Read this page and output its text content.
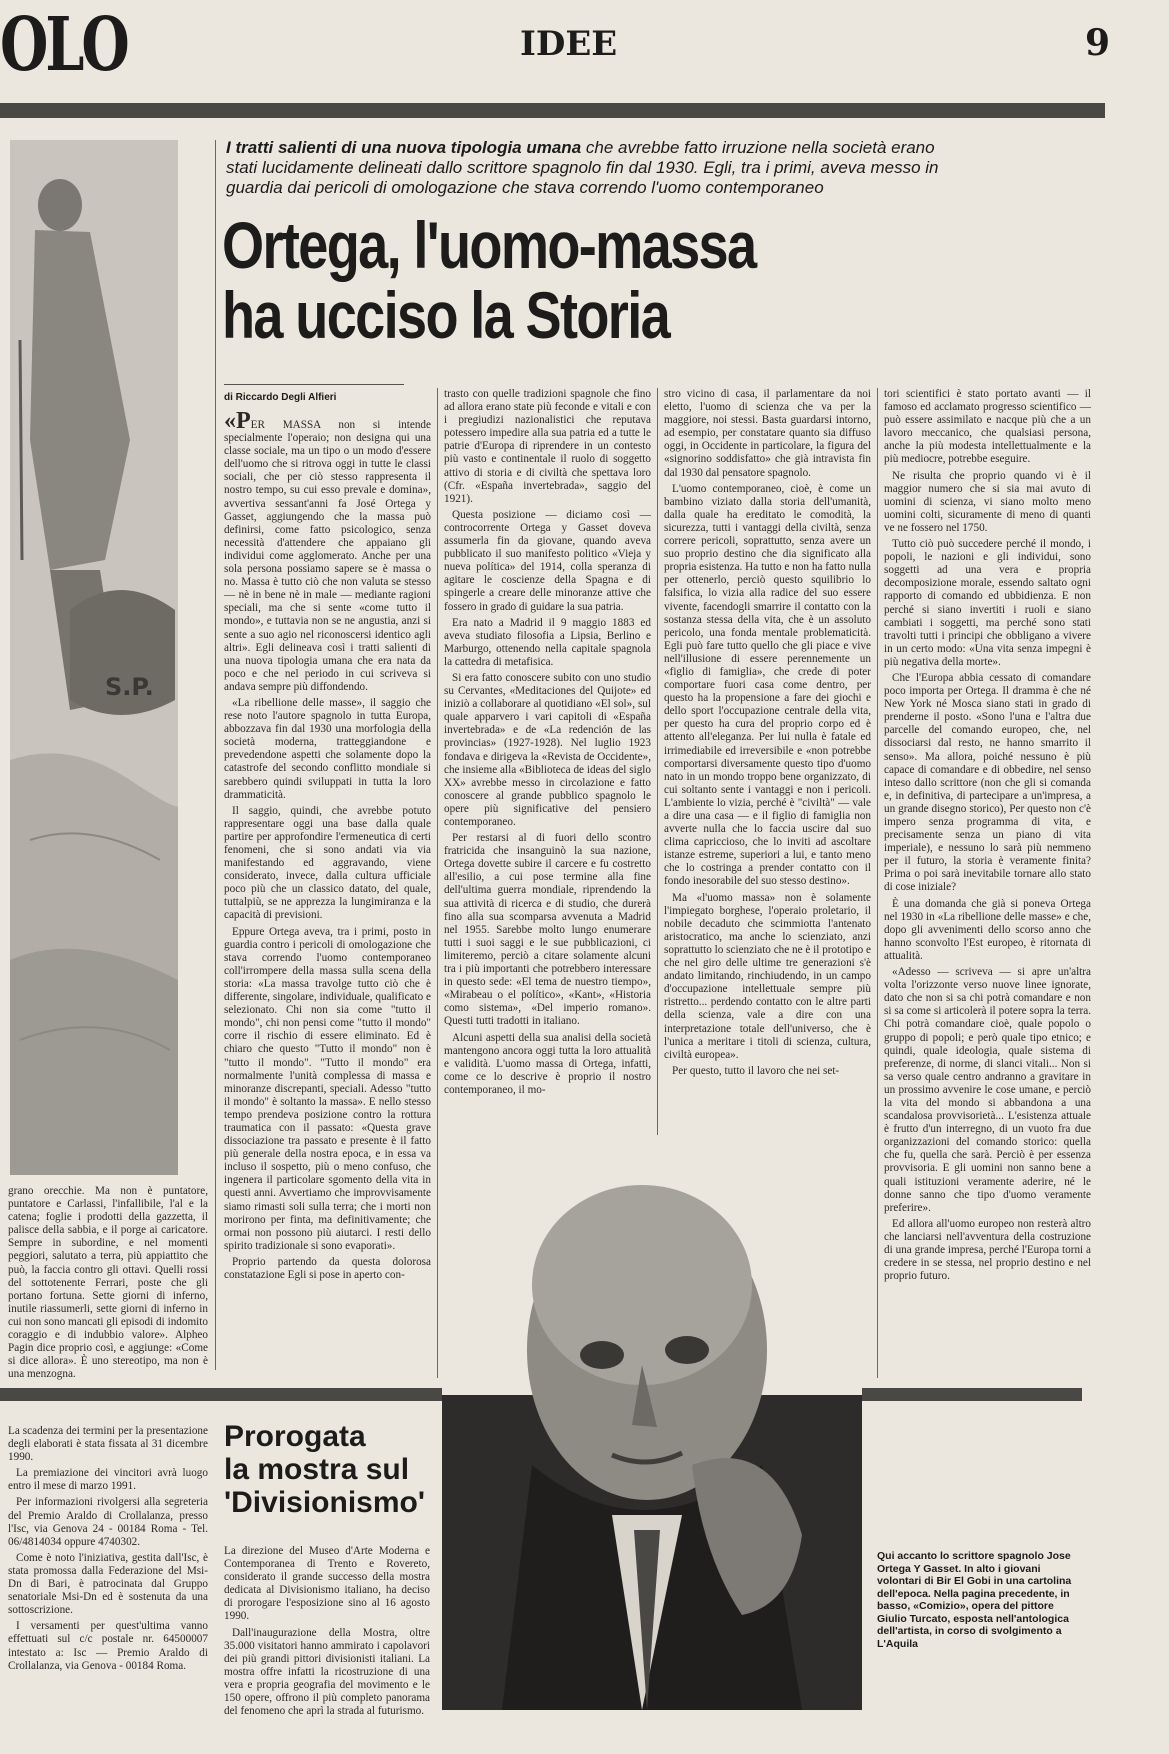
OLO	IDEE	9
S.P.
I tratti salienti di una nuova tipologia umana che avrebbe fatto irruzione nella società erano stati lucidamente delineati dallo scrittore spagnolo fin dal 1930. Egli, tra i primi, aveva messo in guardia dai pericoli di omologazione che stava correndo l'uomo contemporaneo
Ortega, l'uomo-massa
ha ucciso la Storia
di Riccardo Degli Alfieri

«PER MASSA non si intende specialmente l'operaio; non designa qui una classe sociale, ma un tipo o un modo d'essere dell'uomo che si ritrova oggi in tutte le classi sociali, che per ciò stesso rappresenta il nostro tempo, su cui esso prevale e domina», avvertiva sessant'anni fa José Ortega y Gasset, aggiungendo che la massa può definirsi, come fatto psicologico, senza necessità d'attendere che appaiano gli individui come agglomerato. Anche per una sola persona possiamo sapere se è massa o no. Massa è tutto ciò che non valuta se stesso — nè in bene nè in male — mediante ragioni speciali, ma che si sente «come tutto il mondo», e tuttavia non se ne angustia, anzi si sente a suo agio nel riconoscersi identico agli altri». Egli delineava così i tratti salienti di una nuova tipologia umana che era nata da poco e che nel periodo in cui scriveva si andava sempre più diffondendo.

«La ribellione delle masse», il saggio che rese noto l'autore spagnolo in tutta Europa, abbozzava fin dal 1930 una morfologia della società moderna, tratteggiandone e prevedendone aspetti che solamente dopo la catastrofe del secondo conflitto mondiale si sarebbero quindi sviluppati in tutta la loro drammaticità.

Il saggio, quindi, che avrebbe potuto rappresentare oggi una base dalla quale partire per approfondire l'ermeneutica di certi fenomeni, che si sono andati via via manifestando ed aggravando, viene considerato, invece, dalla cultura ufficiale poco più che un classico datato, del quale, tuttalpiù, se ne apprezza la lungimiranza e la capacità di previsioni.

Eppure Ortega aveva, tra i primi, posto in guardia contro i pericoli di omologazione che stava correndo l'uomo contemporaneo coll'irrompere della massa sulla scena della storia: «La massa travolge tutto ciò che è differente, singolare, individuale, qualificato e selezionato. Chi non sia come "tutto il mondo", chi non pensi come "tutto il mondo" corre il rischio di essere eliminato. Ed è chiaro che questo "Tutto il mondo" non è "tutto il mondo". "Tutto il mondo" era normalmente l'unità complessa di massa e minoranze discrepanti, speciali. Adesso "tutto il mondo" è soltanto la massa». E nello stesso tempo prendeva posizione contro la rottura traumatica con il passato: «Questa grave dissociazione tra passato e presente è il fatto più generale della nostra epoca, e in essa va incluso il sospetto, più o meno confuso, che ingenera il particolare sgomento della vita in questi anni. Avvertiamo che improvvisamente siamo rimasti soli sulla terra; che i morti non morirono per finta, ma definitivamente; che ormai non possono più aiutarci. I resti dello spirito tradizionale si sono evaporati».

Proprio partendo da questa dolorosa constatazione Egli si pose in aperto con-

trasto con quelle tradizioni spagnole che fino ad allora erano state più feconde e vitali e con i pregiudizi nazionalistici che reputava potessero impedire alla sua patria ed a tutte le patrie d'Europa di riprendere in un contesto più vasto e continentale il ruolo di soggetto attivo di storia e di civiltà che spettava loro (Cfr. «España invertebrada», saggio del 1921).

Questa posizione — diciamo così — controcorrente Ortega y Gasset doveva assumerla fin da giovane, quando aveva pubblicato il suo manifesto politico «Vieja y nueva política» del 1914, colla speranza di agitare le coscienze della Spagna e di spingerle a creare delle minoranze attive che fossero in grado di guidare la sua patria.

Era nato a Madrid il 9 maggio 1883 ed aveva studiato filosofia a Lipsia, Berlino e Marburgo, ottenendo nella capitale spagnola la cattedra di metafisica.

Si era fatto conoscere subito con uno studio su Cervantes, «Meditaciones del Quijote» ed iniziò a collaborare al quotidiano «El sol», sul quale apparvero i vari capitoli di «España invertebrada» e de «La redención de las provincias» (1927-1928). Nel luglio 1923 fondava e dirigeva la «Revista de Occidente», che insieme alla «Biblioteca de ideas del siglo XX» avrebbe messo in circolazione e fatto conoscere al grande pubblico spagnolo le opere più significative del pensiero contemporaneo.

Per restarsi al di fuori dello scontro fratricida che insanguinò la sua nazione, Ortega dovette subire il carcere e fu costretto all'esilio, a cui pose termine alla fine dell'ultima guerra mondiale, riprendendo la sua attività di ricerca e di studio, che durerà fino alla sua scomparsa avvenuta a Madrid nel 1955. Sarebbe molto lungo enumerare tutti i suoi saggi e le sue pubblicazioni, ci limiteremo, perciò a citare solamente alcuni tra i più importanti che potrebbero interessare in questo sede: «El tema de nuestro tiempo», «Mirabeau o el político», «Kant», «Historia como sistema», «Del imperio romano». Questi tutti tradotti in italiano.

Alcuni aspetti della sua analisi della società mantengono ancora oggi tutta la loro attualità e validità. L'uomo massa di Ortega, infatti, come ce lo descrive è proprio il nostro contemporaneo, il mo-

stro vicino di casa, il parlamentare da noi eletto, l'uomo di scienza che va per la maggiore, noi stessi. Basta guardarsi intorno, ad esempio, per constatare quanto sia diffuso oggi, in Occidente in particolare, la figura del «signorino soddisfatto» che già intravista fin dal 1930 dal pensatore spagnolo.

L'uomo contemporaneo, cioè, è come un bambino viziato dalla storia dell'umanità, dalla quale ha ereditato le comodità, la sicurezza, tutti i vantaggi della civiltà, senza correre pericoli, soprattutto, senza avere un suo proprio destino che dia significato alla propria esistenza. Ha tutto e non ha fatto nulla per ottenerlo, perciò questo squilibrio lo falsifica, lo vizia alla radice del suo essere vivente, facendogli smarrire il contatto con la sostanza stessa della vita, che è un assoluto pericolo, una fonda mentale problematicità. Egli può fare tutto quello che gli piace e vive nell'illusione di essere perennemente un «figlio di famiglia», che crede di poter comportare fuori casa come dentro, per questo ha la propensione a fare dei giochi e dello sport l'occupazione centrale della vita, per questo ha cura del proprio corpo ed è attento all'eleganza. Per lui nulla è fatale ed irrimediabile ed irreversibile e «non potrebbe comportarsi diversamente questo tipo d'uomo nato in un mondo troppo bene organizzato, di cui soltanto sente i vantaggi e non i pericoli. L'ambiente lo vizia, perché è "civiltà" — vale a dire una casa — e il figlio di famiglia non avverte nulla che lo faccia uscire dal suo clima capriccioso, che lo inviti ad ascoltare istanze estreme, superiori a lui, e tanto meno che lo costringa a prender contatto con il fondo inesorabile del suo stesso destino».

Ma «l'uomo massa» non è solamente l'impiegato borghese, l'operaio proletario, il nobile decaduto che scimmiotta l'antenato aristocratico, ma anche lo scienziato, anzi soprattutto lo scienziato che ne è il prototipo e che nel giro delle ultime tre generazioni s'è andato limitando, rinchiudendo, in un campo d'occupazione intellettuale sempre più ristretto... perdendo contatto con le altre parti della scienza, vale a dire con una interpretazione totale dell'universo, che è l'unica a meritare i titoli di scienza, cultura, civiltà europea».

Per questo, tutto il lavoro che nei set-

tori scientifici è stato portato avanti — il famoso ed acclamato progresso scientifico — può essere assimilato e nacque più che a un lavoro meccanico, che qualsiasi persona, anche la più modesta intellettualmente e la più mediocre, potrebbe eseguire.

Ne risulta che proprio quando vi è il maggior numero che si sia mai avuto di uomini di scienza, vi siano molto meno uomini colti, sicuramente di meno di quanti ve ne fossero nel 1750.

Tutto ciò può succedere perché il mondo, i popoli, le nazioni e gli individui, sono soggetti ad una vera e propria decomposizione morale, essendo saltato ogni rapporto di comando ed ubbidienza. E non perché si siano invertiti i ruoli e siano cambiati i soggetti, ma perché sono stati travolti tutti i principi che obbligano a vivere in un certo modo: «Una vita senza impegni è più negativa della morte».

Che l'Europa abbia cessato di comandare poco importa per Ortega. Il dramma è che né New York né Mosca siano stati in grado di prenderne il posto. «Sono l'una e l'altra due parcelle del comando europeo, che, nel dissociarsi dal resto, ne hanno smarrito il senso». Ma allora, poiché nessuno è più capace di comandare e di obbedire, nel senso inteso dallo scrittore (non che gli si comanda e, in definitiva, di partecipare a un'impresa, a un grande disegno storico), Per questo non c'è impero senza programma di vita, e precisamente senza un piano di vita imperiale), e nessuno lo sarà più nemmeno per il futuro, la storia è veramente finita? Prima o poi sarà inevitabile tornare allo stato di cose iniziale?

È una domanda che già si poneva Ortega nel 1930 in «La ribellione delle masse» e che, dopo gli avvenimenti dello scorso anno che hanno sconvolto l'Est europeo, è ritornata di attualità.

«Adesso — scriveva — si apre un'altra volta l'orizzonte verso nuove linee ignorate, dato che non si sa chi potrà comandare e non si sa come si articolerà il potere sopra la terra. Chi potrà comandare cioè, quale popolo o gruppo di popoli; e però quale tipo etnico; e quindi, quale ideologia, quale sistema di preferenze, di norme, di slanci vitali... Non si sa verso quale centro andranno a gravitare in un prossimo avvenire le cose umane, e perciò la vita del mondo si abbandona a una scandalosa provvisorietà... L'esistenza attuale è frutto d'un interregno, di un vuoto fra due organizzazioni del comando storico: quella che fu, quella che sarà. Perciò è per essenza provvisoria. E gli uomini non sanno bene a quali istituzioni veramente aderire, né le donne sanno che tipo d'uomo veramente preferire».

Ed allora all'uomo europeo non resterà altro che lanciarsi nell'avventura della costruzione di una grande impresa, perché l'Europa torni a credere in se stessa, nel proprio destino e nel proprio futuro.

grano orecchie. Ma non è puntatore, puntatore e Carlassi, l'infallibile, l'al e la catena; foglie i prodotti della gazzetta, il palisce della sabbia, e il porge ai caricatore. Sempre in subordine, e nel momenti peggiori, salutato a terra, più appiattito che può, la faccia contro gli ottavi. Quelli rossi del sottotenente Ferrari, poste che gli portano fortuna. Sette giorni di inferno, inutile riassumerli, sette giorni di inferno in cui non sono mancati gli episodi di indomito coraggio e di indubbio valore». Alpheo Pagin dice proprio così, e aggiunge: «Come si dice allora». È uno stereotipo, ma non è una menzogna.

La scadenza dei termini per la presentazione degli elaborati è stata fissata al 31 dicembre 1990.

La premiazione dei vincitori avrà luogo entro il mese di marzo 1991.

Per informazioni rivolgersi alla segreteria del Premio Araldo di Crollalanza, presso l'Isc, via Genova 24 - 00184 Roma - Tel. 06/4814034 oppure 4740302.

Come è noto l'iniziativa, gestita dall'Isc, è stata promossa dalla Federazione del Msi-Dn di Bari, è patrocinata dal Gruppo senatoriale Msi-Dn ed è sostenuta da una sottoscrizione.

I versamenti per quest'ultima vanno effettuati sul c/c postale nr. 64500007 intestato a: Isc — Premio Araldo di Crollalanza, via Genova - 00184 Roma.

Prorogata
la mostra sul
'Divisionismo'

La direzione del Museo d'Arte Moderna e Contemporanea di Trento e Rovereto, considerato il grande successo della mostra dedicata al Divisionismo italiano, ha deciso di prorogare l'esposizione sino al 16 agosto 1990.

Dall'inaugurazione della Mostra, oltre 35.000 visitatori hanno ammirato i capolavori dei più grandi pittori divisionisti italiani. La mostra offre infatti la ricostruzione di una vera e propria geografia del movimento e le 150 opere, offrono il più completo panorama del fenomeno che aprì la strada al futurismo.

Qui accanto lo scrittore spagnolo Jose Ortega Y Gasset. In alto i giovani volontari di Bir El Gobi in una cartolina dell'epoca. Nella pagina precedente, in basso, «Comizio», opera del pittore Giulio Turcato, esposta nell'antologica dell'artista, in corso di svolgimento a L'Aquila
